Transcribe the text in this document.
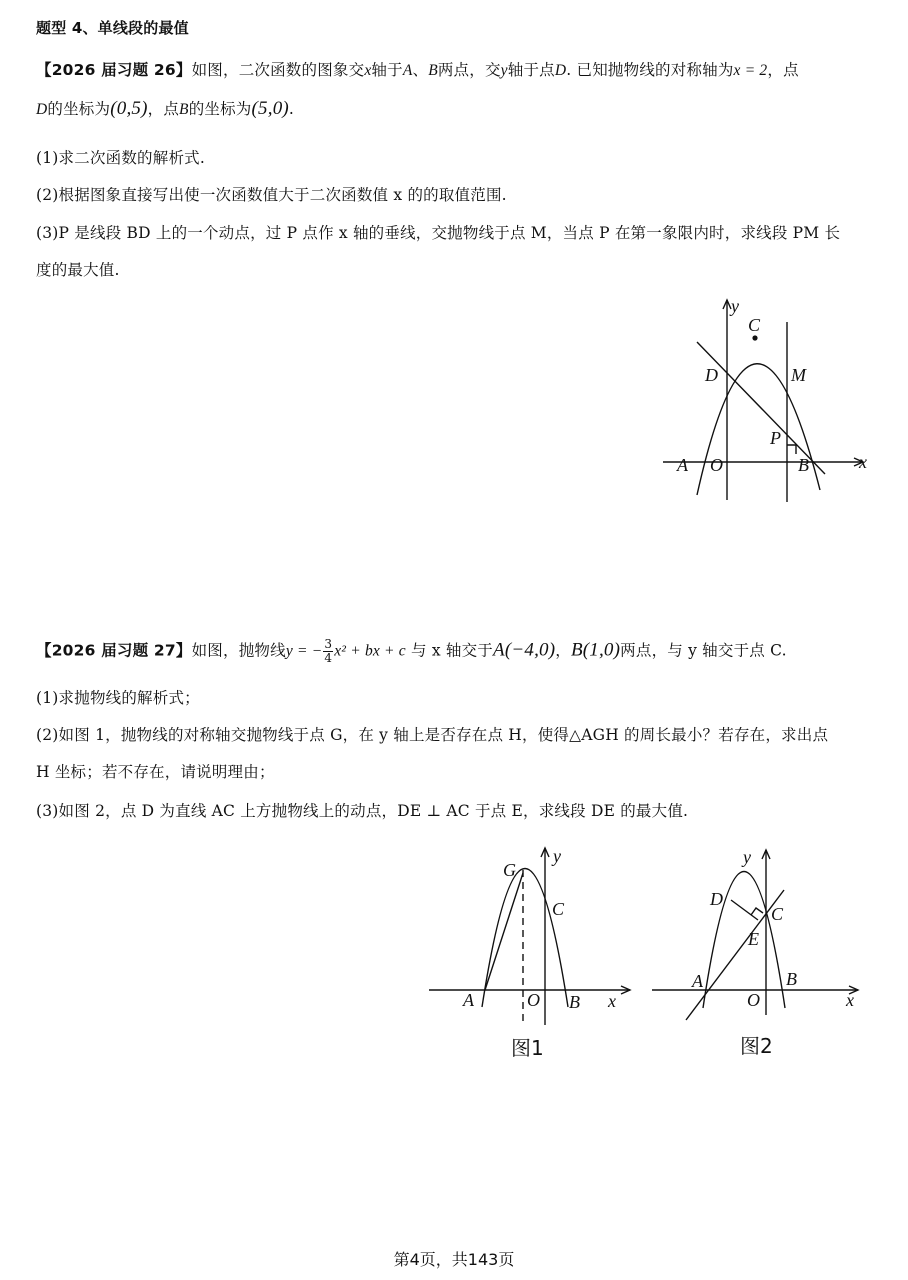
题型 4、单线段的最值
【2026 届习题 26】如图，二次函数的图象交x轴于A、B两点，交y轴于点D. 已知抛物线的对称轴为x = 2，点
D的坐标为(0,5)，点B的坐标为(5,0).
(1)求二次函数的解析式.
(2)根据图象直接写出使一次函数值大于二次函数值 x 的的取值范围.
(3)P 是线段 BD 上的一个动点，过 P 点作 x 轴的垂线，交抛物线于点 M，当点 P 在第一象限内时，求线段 PM 长
度的最大值.
y
x
C
D	M
P
A O	B
【2026 届习题 27】如图，抛物线y = − $\frac{3}{4} x^2$ + bx + c 与 x 轴交于A(−4,0)，B(1,0)两点，与 y 轴交于点 C.
(1)求抛物线的解析式；
(2)如图 1，抛物线的对称轴交抛物线于点 G，在 y 轴上是否存在点 H，使得△AGH 的周长最小？若存在，求出点
H 坐标；若不存在，请说明理由；
(3)如图 2，点 D 为直线 AC 上方抛物线上的动点，DE ⊥ AC 于点 E，求线段 DE 的最大值.
G
y
C
A	O B x
图1
y
D
C
E
A
O
B
x
图2
第4页，共143页
